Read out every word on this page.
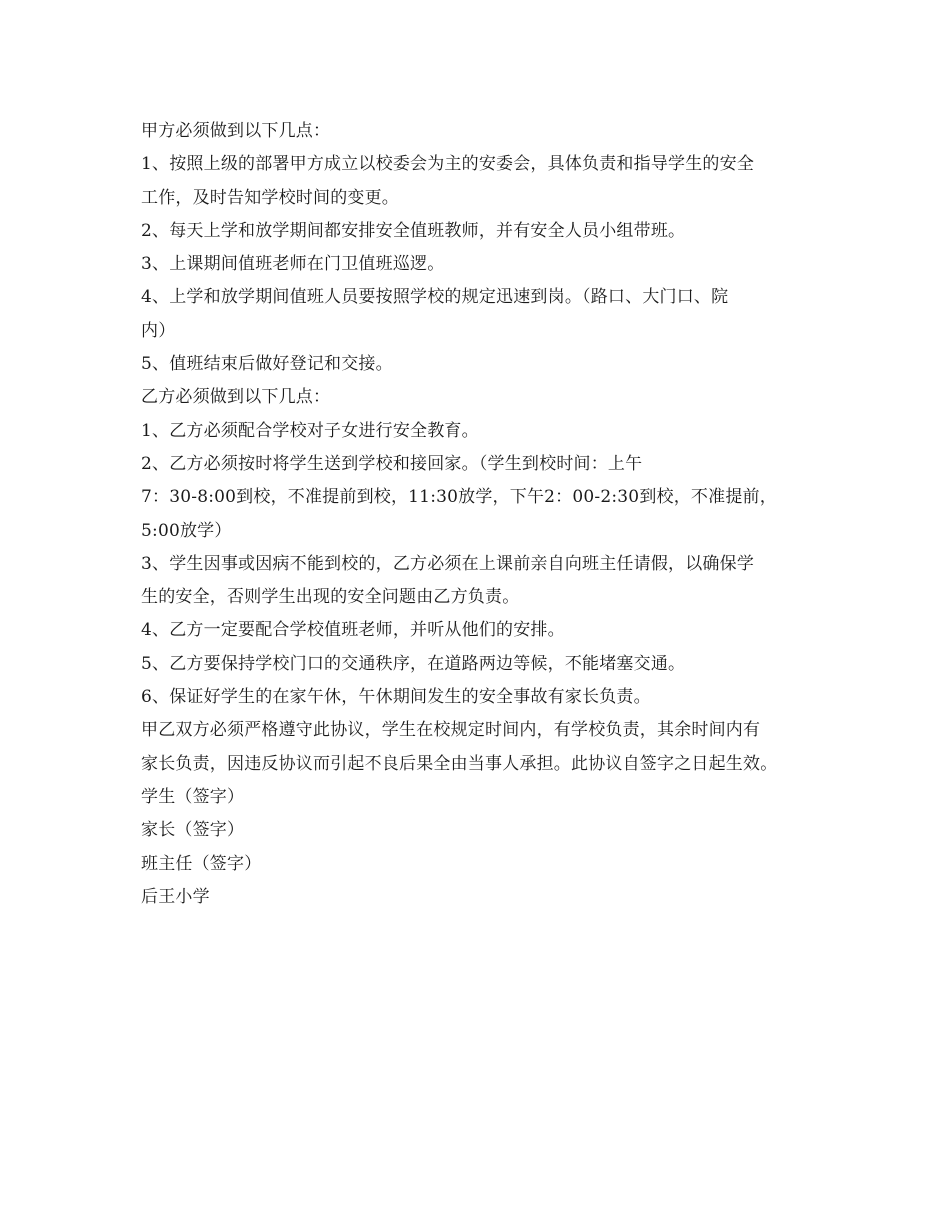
甲方必须做到以下几点：

1、按照上级的部署甲方成立以校委会为主的安委会，具体负责和指导学生的安全

工作，及时告知学校时间的变更。

2、每天上学和放学期间都安排安全值班教师，并有安全人员小组带班。

3、上课期间值班老师在门卫值班巡逻。

4、上学和放学期间值班人员要按照学校的规定迅速到岗。（路口、大门口、院

内）

5、值班结束后做好登记和交接。

乙方必须做到以下几点：

1、乙方必须配合学校对子女进行安全教育。

2、乙方必须按时将学生送到学校和接回家。（学生到校时间：上午

7：30-8:00到校，不准提前到校，11:30放学，下午2：00-2:30到校，不准提前，

5:00放学）

3、学生因事或因病不能到校的，乙方必须在上课前亲自向班主任请假，以确保学

生的安全，否则学生出现的安全问题由乙方负责。

4、乙方一定要配合学校值班老师，并听从他们的安排。

5、乙方要保持学校门口的交通秩序，在道路两边等候，不能堵塞交通。

6、保证好学生的在家午休，午休期间发生的安全事故有家长负责。

甲乙双方必须严格遵守此协议，学生在校规定时间内，有学校负责，其余时间内有

家长负责，因违反协议而引起不良后果全由当事人承担。此协议自签字之日起生效。

学生（签字）

家长（签字）

班主任（签字）

后王小学
